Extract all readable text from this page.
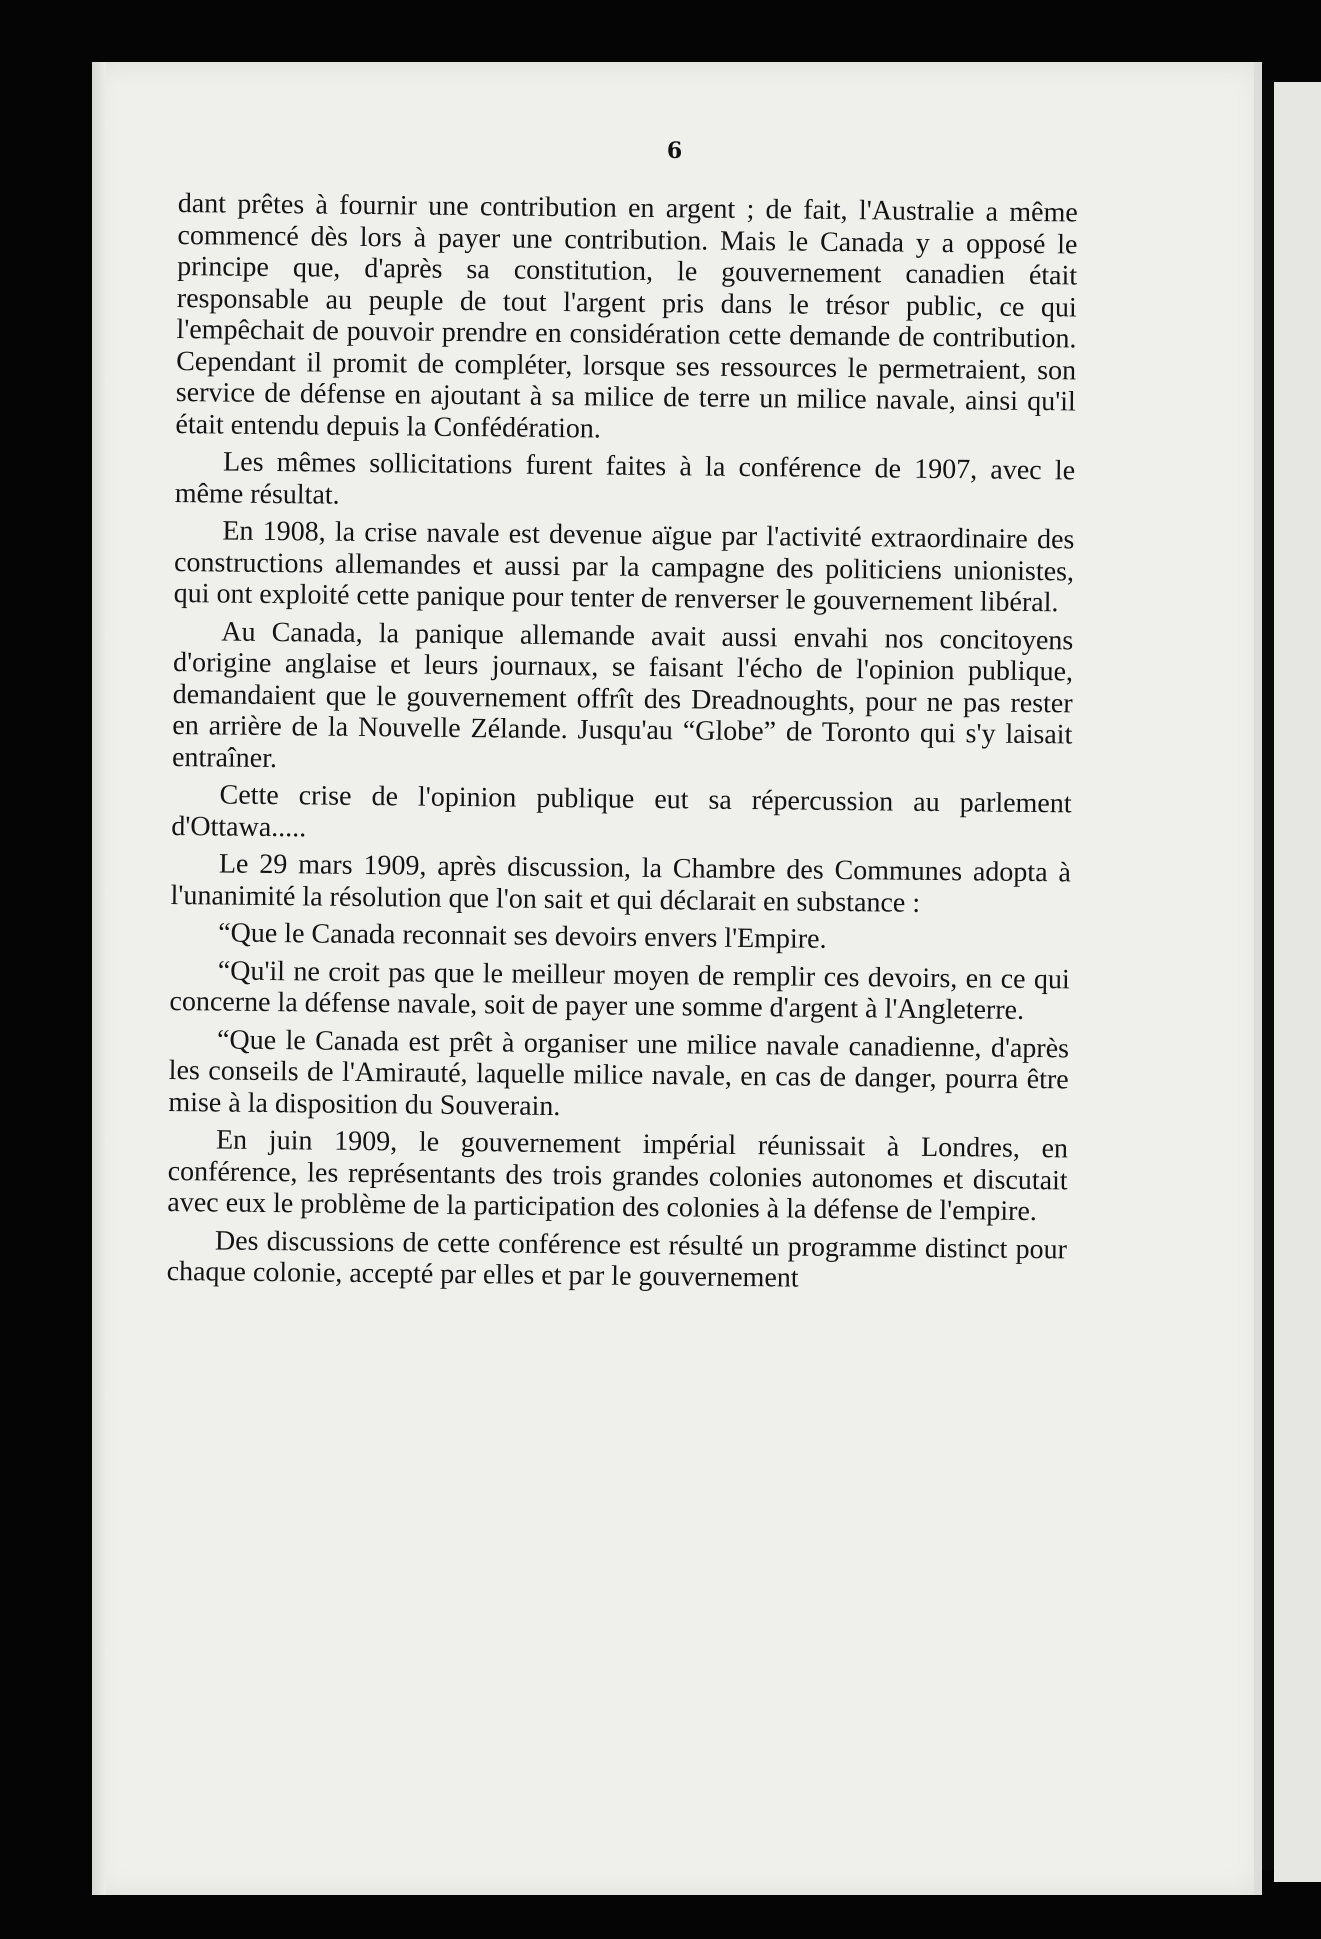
6

dant prêtes à fournir une contribution en argent ; de fait, l'Australie a même commencé dès lors à payer une contribution. Mais le Canada y a opposé le principe que, d'après sa constitution, le gouvernement canadien était responsable au peuple de tout l'argent pris dans le trésor public, ce qui l'empêchait de pouvoir prendre en considération cette demande de contribution. Cependant il promit de compléter, lorsque ses ressources le permetraient, son service de défense en ajoutant à sa milice de terre un milice navale, ainsi qu'il était entendu depuis la Confédération.

Les mêmes sollicitations furent faites à la conférence de 1907, avec le même résultat.

En 1908, la crise navale est devenue aïgue par l'activité extraordinaire des constructions allemandes et aussi par la campagne des politiciens unionistes, qui ont exploité cette panique pour tenter de renverser le gouvernement libéral.

Au Canada, la panique allemande avait aussi envahi nos concitoyens d'origine anglaise et leurs journaux, se faisant l'écho de l'opinion publique, demandaient que le gouvernement offrît des Dreadnoughts, pour ne pas rester en arrière de la Nouvelle Zélande. Jusqu'au “Globe” de Toronto qui s'y laisait entraîner.

Cette crise de l'opinion publique eut sa répercussion au parlement d'Ottawa.....

Le 29 mars 1909, après discussion, la Chambre des Communes adopta à l'unanimité la résolution que l'on sait et qui déclarait en substance :

“Que le Canada reconnait ses devoirs envers l'Empire.

“Qu'il ne croit pas que le meilleur moyen de remplir ces devoirs, en ce qui concerne la défense navale, soit de payer une somme d'argent à l'Angleterre.

“Que le Canada est prêt à organiser une milice navale canadienne, d'après les conseils de l'Amirauté, laquelle milice navale, en cas de danger, pourra être mise à la disposition du Souverain.

En juin 1909, le gouvernement impérial réunissait à Londres, en conférence, les représentants des trois grandes colonies autonomes et discutait avec eux le problème de la participation des colonies à la défense de l'empire.

Des discussions de cette conférence est résulté un programme distinct pour chaque colonie, accepté par elles et par le gouvernement
